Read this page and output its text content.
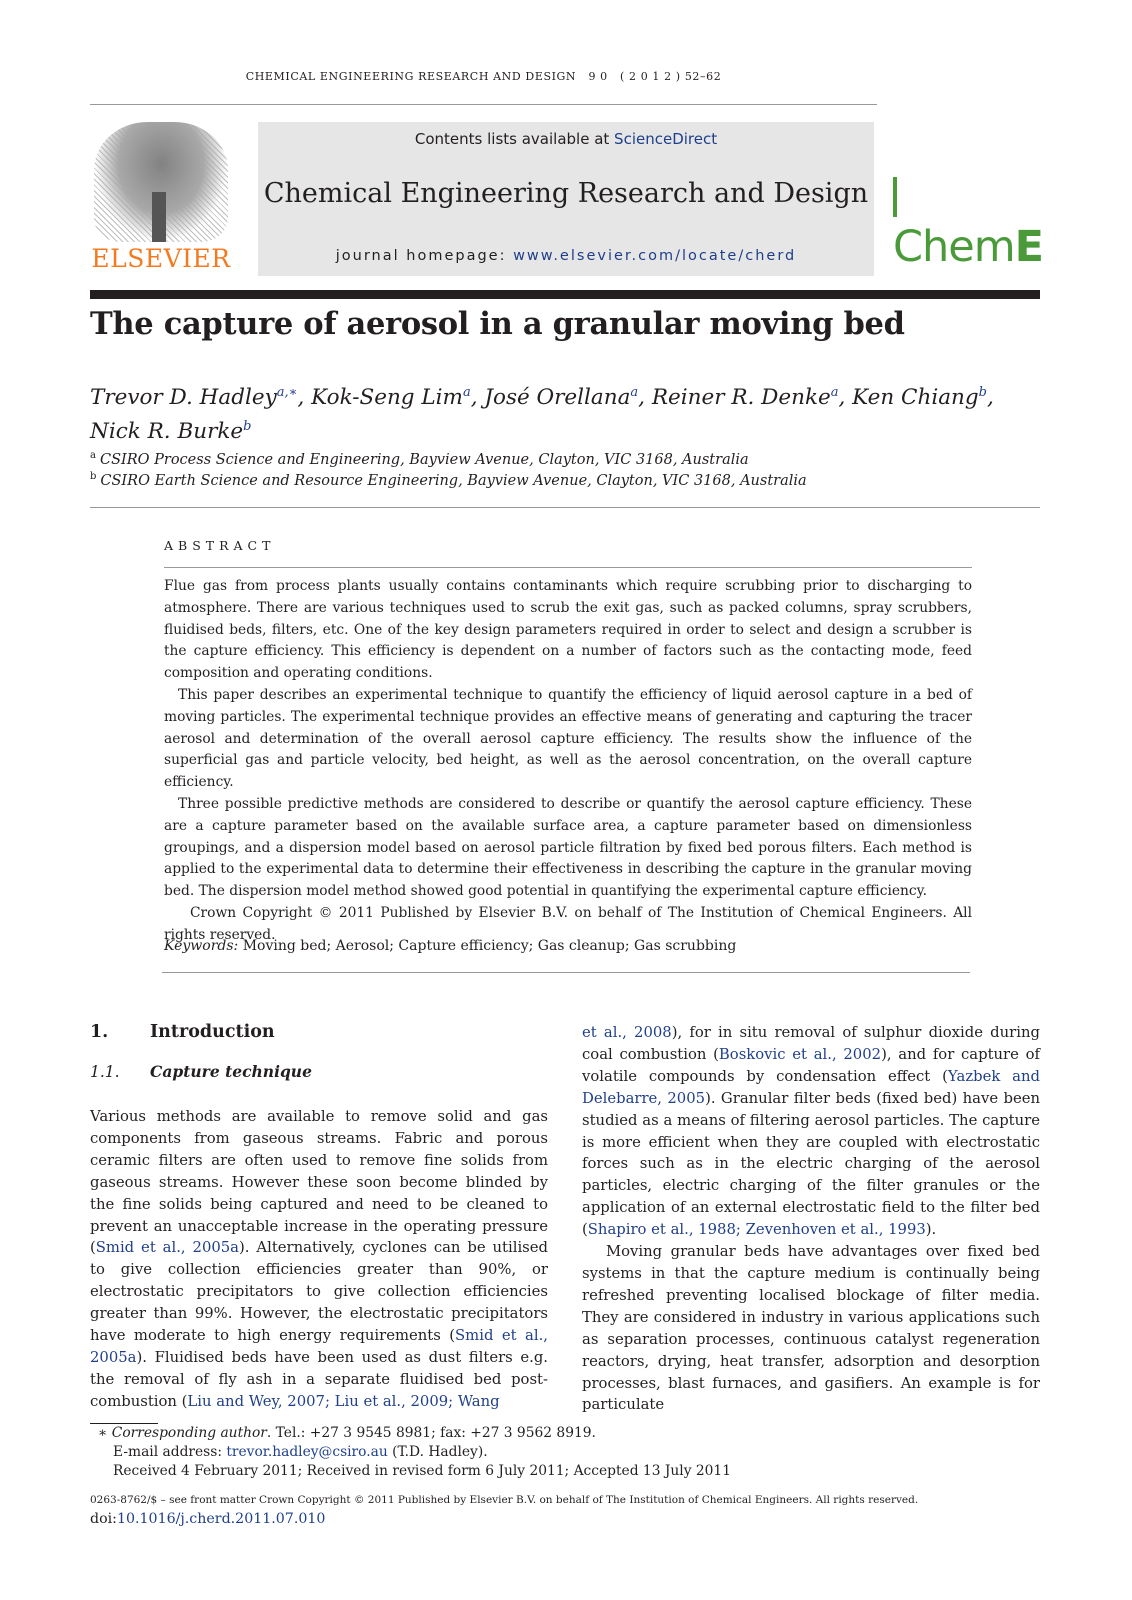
CHEMICAL ENGINEERING RESEARCH AND DESIGN 9 0 ( 2 0 1 2 ) 52–62
ELSEVIER
Contents lists available at ScienceDirect
Chemical Engineering Research and Design
journal homepage: www.elsevier.com/locate/cherd	ChemE
The capture of aerosol in a granular moving bed
Trevor D. Hadley$^{a,∗}$, Kok-Seng Lim$^a$, José Orellana$^a$, Reiner R. Denke$^a$, Ken Chiang$^b$,
Nick R. Burke$^b$
$^a$ CSIRO Process Science and Engineering, Bayview Avenue, Clayton, VIC 3168, Australia
$^b$ CSIRO Earth Science and Resource Engineering, Bayview Avenue, Clayton, VIC 3168, Australia
ABSTRACT

Flue gas from process plants usually contains contaminants which require scrubbing prior to discharging to atmosphere. There are various techniques used to scrub the exit gas, such as packed columns, spray scrubbers, fluidised beds, filters, etc. One of the key design parameters required in order to select and design a scrubber is the capture efficiency. This efficiency is dependent on a number of factors such as the contacting mode, feed composition and operating conditions.

This paper describes an experimental technique to quantify the efficiency of liquid aerosol capture in a bed of moving particles. The experimental technique provides an effective means of generating and capturing the tracer aerosol and determination of the overall aerosol capture efficiency. The results show the influence of the superficial gas and particle velocity, bed height, as well as the aerosol concentration, on the overall capture efficiency.

Three possible predictive methods are considered to describe or quantify the aerosol capture efficiency. These are a capture parameter based on the available surface area, a capture parameter based on dimensionless groupings, and a dispersion model based on aerosol particle filtration by fixed bed porous filters. Each method is applied to the experimental data to determine their effectiveness in describing the capture in the granular moving bed. The dispersion model method showed good potential in quantifying the experimental capture efficiency.

Crown Copyright © 2011 Published by Elsevier B.V. on behalf of The Institution of Chemical Engineers. All rights reserved.

Keywords: Moving bed; Aerosol; Capture efficiency; Gas cleanup; Gas scrubbing
1. Introduction
1.1. Capture technique

Various methods are available to remove solid and gas components from gaseous streams. Fabric and porous ceramic filters are often used to remove fine solids from gaseous streams. However these soon become blinded by the fine solids being captured and need to be cleaned to prevent an unacceptable increase in the operating pressure (Smid et al., 2005a). Alternatively, cyclones can be utilised to give collection efficiencies greater than 90%, or electrostatic precipitators to give collection efficiencies greater than 99%. However, the electrostatic precipitators have moderate to high energy requirements (Smid et al., 2005a). Fluidised beds have been used as dust filters e.g. the removal of fly ash in a separate fluidised bed post-combustion (Liu and Wey, 2007; Liu et al., 2009; Wang

et al., 2008), for in situ removal of sulphur dioxide during coal combustion (Boskovic et al., 2002), and for capture of volatile compounds by condensation effect (Yazbek and Delebarre, 2005). Granular filter beds (fixed bed) have been studied as a means of filtering aerosol particles. The capture is more efficient when they are coupled with electrostatic forces such as in the electric charging of the aerosol particles, electric charging of the filter granules or the application of an external electrostatic field to the filter bed (Shapiro et al., 1988; Zevenhoven et al., 1993).

Moving granular beds have advantages over fixed bed systems in that the capture medium is continually being refreshed preventing localised blockage of filter media. They are considered in industry in various applications such as separation processes, continuous catalyst regeneration reactors, drying, heat transfer, adsorption and desorption processes, blast furnaces, and gasifiers. An example is for particulate

∗ Corresponding author. Tel.: +27 3 9545 8981; fax: +27 3 9562 8919.
E-mail address: trevor.hadley@csiro.au (T.D. Hadley).
Received 4 February 2011; Received in revised form 6 July 2011; Accepted 13 July 2011
0263-8762/$ – see front matter Crown Copyright © 2011 Published by Elsevier B.V. on behalf of The Institution of Chemical Engineers. All rights reserved.
doi:10.1016/j.cherd.2011.07.010
